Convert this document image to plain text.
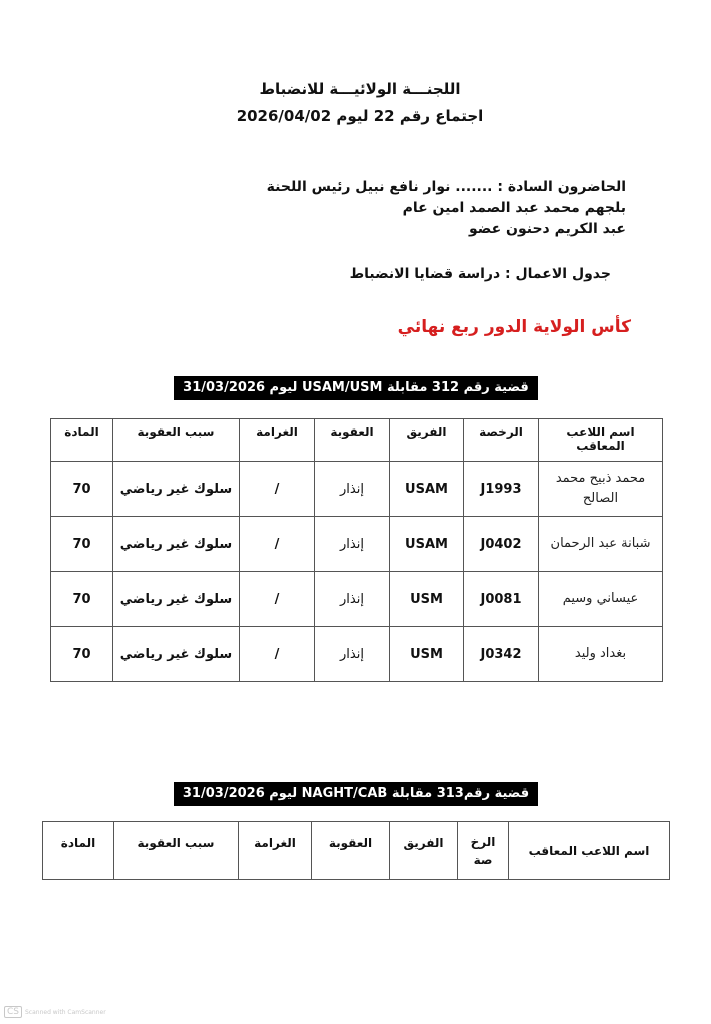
اللجنـــة الولائيـــة للانضباط
اجتماع رقم 22 ليوم 2026/04/02
الحاضرون السادة : ....... نوار نافع نبيل رئيس اللحنة
بلجهم محمد عبد الصمد امين عام
عبد الكريم دحنون عضو
جدول الاعمال : دراسة قضايا الانضباط
كأس الولاية الدور ربع نهائي
قضية رقم 312 مقابلة USAM/USM ليوم 31/03/2026
اسم اللاعب المعاقب	الرخصة	الفريق	العقوبة	الغرامة	سبب العقوبة	المادة
محمد ذبيح محمد الصالح	J1993	USAM	إنذار	/	سلوك غير رياضي	70
شبانة عبد الرحمان	J0402	USAM	إنذار	/	سلوك غير رياضي	70
عيساني وسيم	J0081	USM	إنذار	/	سلوك غير رياضي	70
بغداد وليد	J0342	USM	إنذار	/	سلوك غير رياضي	70
قضية رقم313 مقابلة NAGHT/CAB ليوم 31/03/2026
اسم اللاعب المعاقب	الرخ صة	الفريق	العقوبة	الغرامة	سبب العقوبة	المادة
CS	Scanned with CamScanner
